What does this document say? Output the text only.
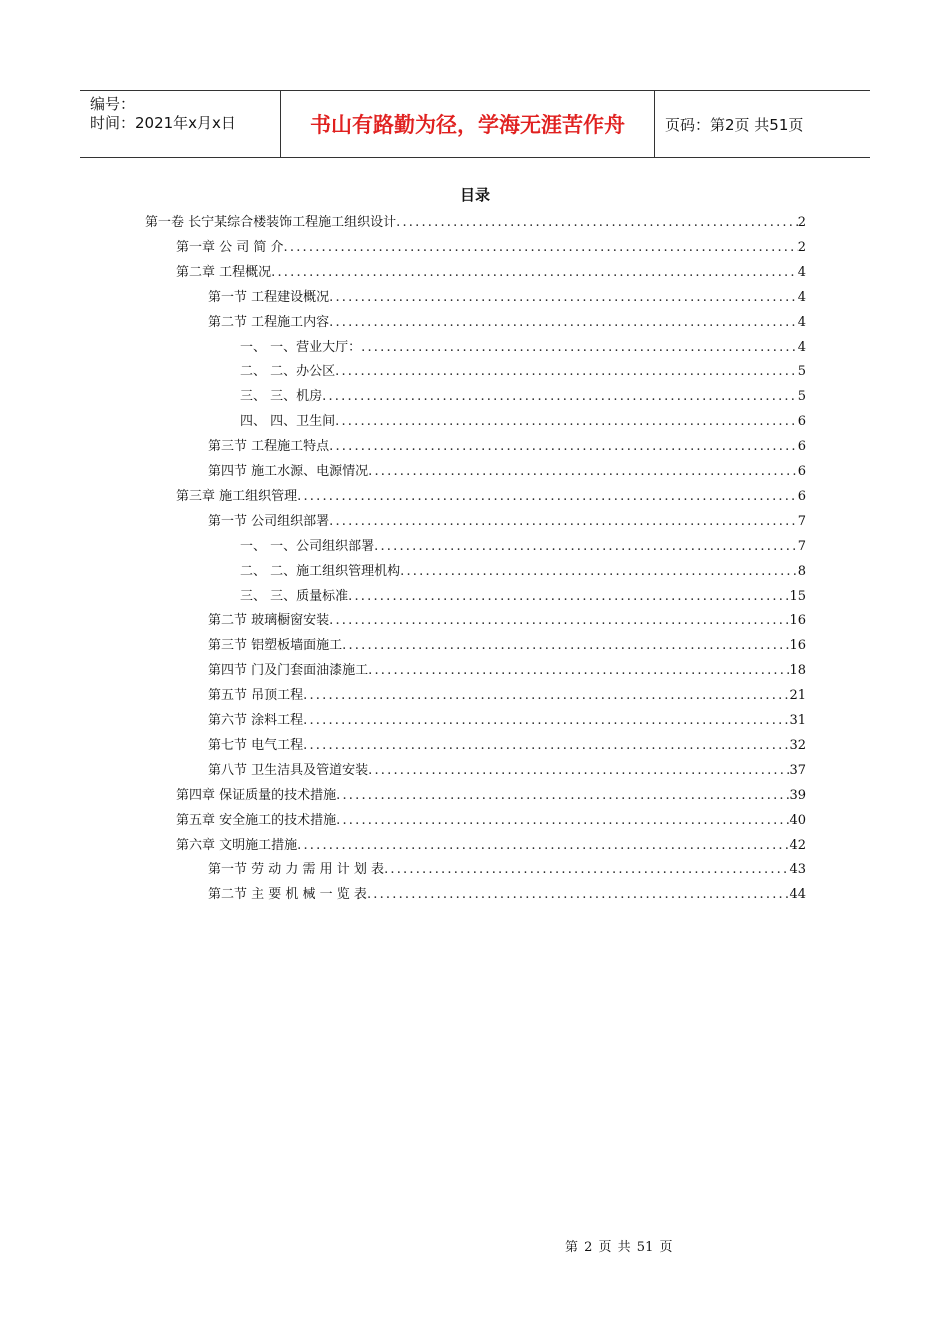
编号：
时间：2021年x月x日	书山有路勤为径，学海无涯苦作舟	页码：第2页 共51页
目录
第一卷 长宁某综合楼装饰工程施工组织设计 .....	2
第一章 公 司 简 介 .....	2
第二章 工程概况 .....	4
第一节 工程建设概况 .....	4
第二节 工程施工内容 .....	4
一、 一、营业大厅： .....	4
二、 二、办公区 .....	5
三、 三、机房 .....	5
四、 四、卫生间 .....	6
第三节 工程施工特点 .....	6
第四节 施工水源、电源情况 .....	6
第三章 施工组织管理 .....	6
第一节 公司组织部署 .....	7
一、 一、公司组织部署 .....	7
二、 二、施工组织管理机构 .....	8
三、 三、质量标准 .....	15
第二节 玻璃橱窗安装 .....	16
第三节 铝塑板墙面施工 .....	16
第四节 门及门套面油漆施工 .....	18
第五节 吊顶工程 .....	21
第六节 涂料工程 .....	31
第七节 电气工程 .....	32
第八节 卫生洁具及管道安装 .....	37
第四章 保证质量的技术措施 .....	39
第五章 安全施工的技术措施 .....	40
第六章 文明施工措施 .....	42
第一节 劳 动 力 需 用 计 划 表 .....	43
第二节 主 要 机 械 一 览 表 .....	44
第 2 页 共 51 页
